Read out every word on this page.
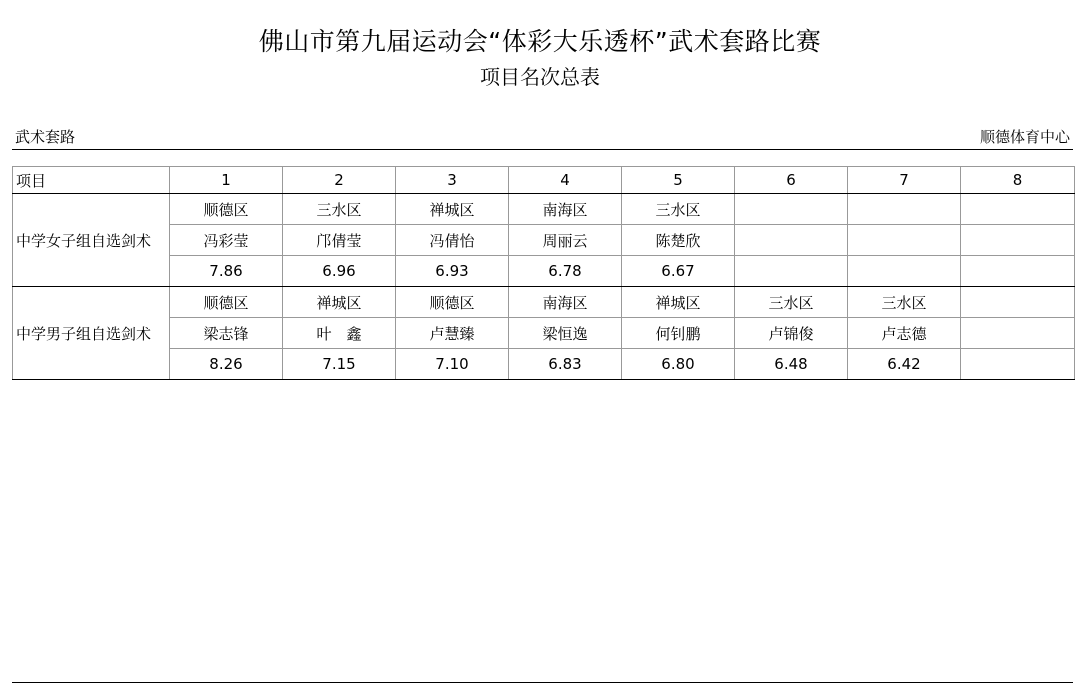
佛山市第九届运动会“体彩大乐透杯”武术套路比赛
项目名次总表
武术套路	顺德体育中心
项目	1	2	3	4	5	6	7	8
中学女子组自选剑术	顺德区	三水区	禅城区	南海区	三水区			
	冯彩莹	邝倩莹	冯倩怡	周丽云	陈楚欣			
	7.86	6.96	6.93	6.78	6.67			
中学男子组自选剑术	顺德区	禅城区	顺德区	南海区	禅城区	三水区	三水区	
	梁志锋	叶　鑫	卢慧臻	梁恒逸	何钊鹏	卢锦俊	卢志德	
	8.26	7.15	7.10	6.83	6.80	6.48	6.42	
